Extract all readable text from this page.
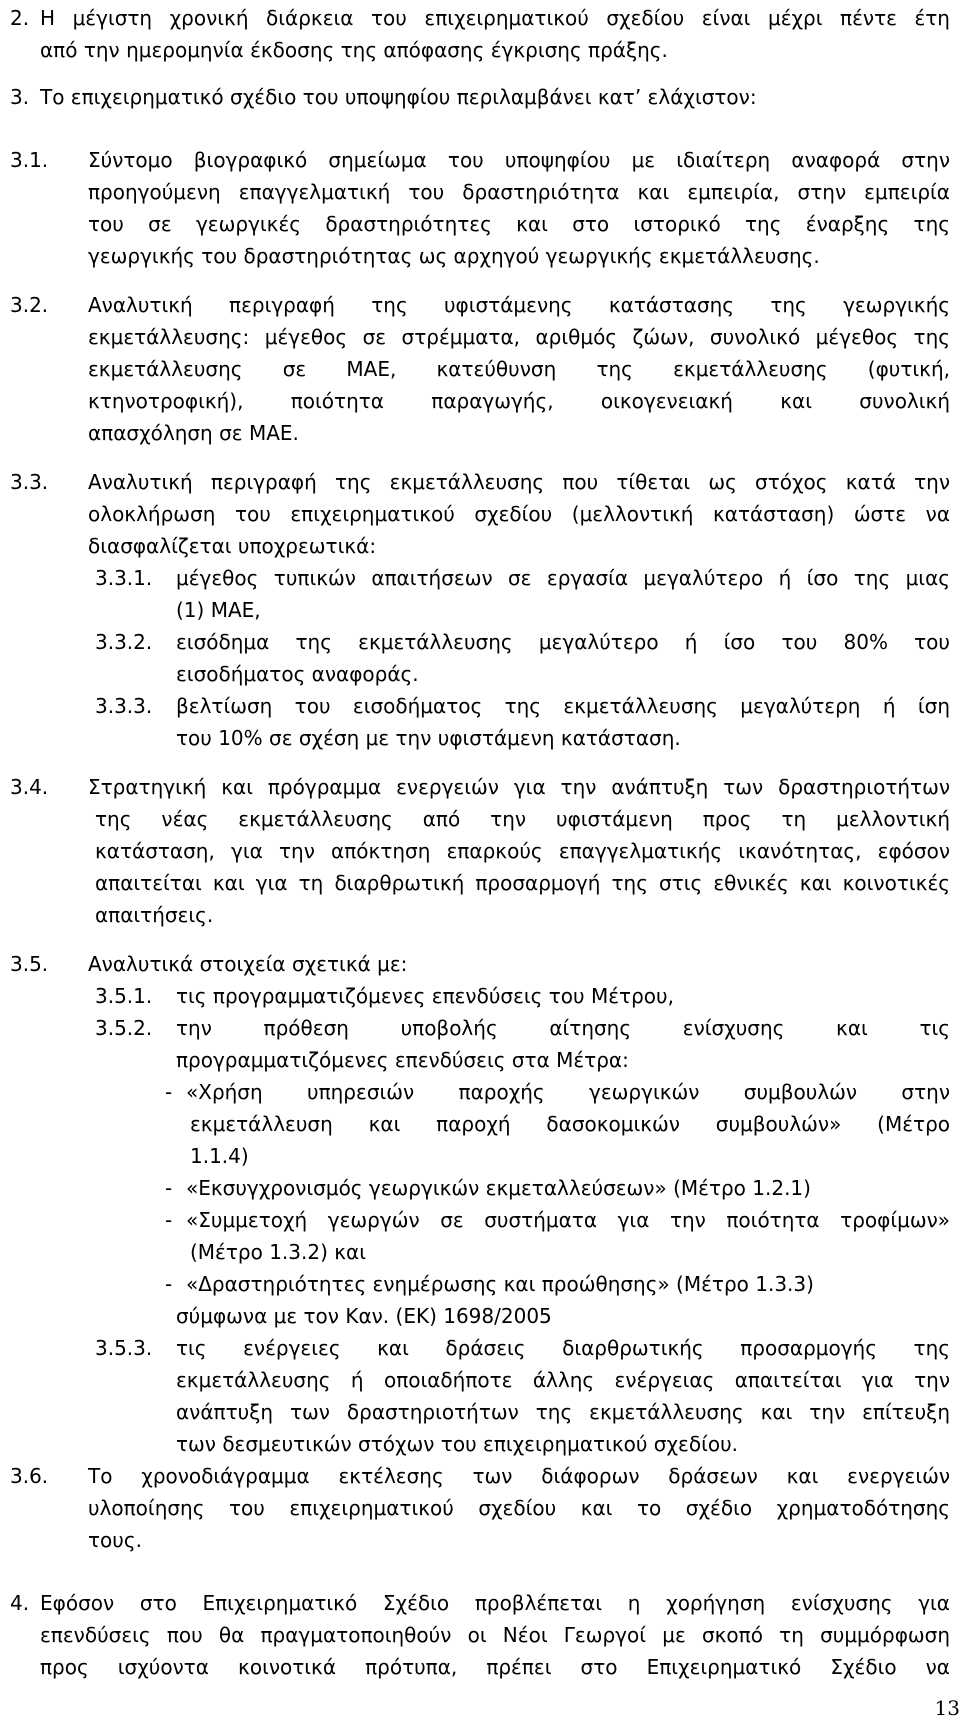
2. Η μέγιστη χρονική διάρκεια του επιχειρηματικού σχεδίου είναι μέχρι πέντε έτη
από την ημερομηνία έκδοσης της απόφασης έγκρισης πράξης.
3. Το επιχειρηματικό σχέδιο του υποψηφίου περιλαμβάνει κατ’ ελάχιστον:
3.1. Σύντομο βιογραφικό σημείωμα του υποψηφίου με ιδιαίτερη αναφορά στην
προηγούμενη επαγγελματική του δραστηριότητα και εμπειρία, στην εμπειρία
του σε γεωργικές δραστηριότητες και στο ιστορικό της έναρξης της
γεωργικής του δραστηριότητας ως αρχηγού γεωργικής εκμετάλλευσης.
3.2. Αναλυτική περιγραφή της υφιστάμενης κατάστασης της γεωργικής
εκμετάλλευσης: μέγεθος σε στρέμματα, αριθμός ζώων, συνολικό μέγεθος της
εκμετάλλευσης σε ΜΑΕ, κατεύθυνση της εκμετάλλευσης (φυτική,
κτηνοτροφική), ποιότητα παραγωγής, οικογενειακή και συνολική
απασχόληση σε ΜΑΕ.
3.3. Αναλυτική περιγραφή της εκμετάλλευσης που τίθεται ως στόχος κατά την
ολοκλήρωση του επιχειρηματικού σχεδίου (μελλοντική κατάσταση) ώστε να
διασφαλίζεται υποχρεωτικά:
3.3.1. μέγεθος τυπικών απαιτήσεων σε εργασία μεγαλύτερο ή ίσο της μιας
(1) ΜΑΕ,
3.3.2. εισόδημα της εκμετάλλευσης μεγαλύτερο ή ίσο του 80% του
εισοδήματος αναφοράς.
3.3.3. βελτίωση του εισοδήματος της εκμετάλλευσης μεγαλύτερη ή ίση
του 10% σε σχέση με την υφιστάμενη κατάσταση.
3.4. Στρατηγική και πρόγραμμα ενεργειών για την ανάπτυξη των δραστηριοτήτων
της νέας εκμετάλλευσης από την υφιστάμενη προς τη μελλοντική
κατάσταση, για την απόκτηση επαρκούς επαγγελματικής ικανότητας, εφόσον
απαιτείται και για τη διαρθρωτική προσαρμογή της στις εθνικές και κοινοτικές
απαιτήσεις.
3.5. Αναλυτικά στοιχεία σχετικά με:
3.5.1. τις προγραμματιζόμενες επενδύσεις του Μέτρου,
3.5.2. την πρόθεση υποβολής αίτησης ενίσχυσης και τις
προγραμματιζόμενες επενδύσεις στα Μέτρα:
- «Χρήση υπηρεσιών παροχής γεωργικών συμβουλών στην
εκμετάλλευση και παροχή δασοκομικών συμβουλών» (Μέτρο
1.1.4)
- «Εκσυγχρονισμός γεωργικών εκμεταλλεύσεων» (Μέτρο 1.2.1)
- «Συμμετοχή γεωργών σε συστήματα για την ποιότητα τροφίμων»
(Μέτρο 1.3.2) και
- «Δραστηριότητες ενημέρωσης και προώθησης» (Μέτρο 1.3.3)
σύμφωνα με τον Καν. (ΕΚ) 1698/2005
3.5.3. τις ενέργειες και δράσεις διαρθρωτικής προσαρμογής της
εκμετάλλευσης ή οποιαδήποτε άλλης ενέργειας απαιτείται για την
ανάπτυξη των δραστηριοτήτων της εκμετάλλευσης και την επίτευξη
των δεσμευτικών στόχων του επιχειρηματικού σχεδίου.
3.6. Το χρονοδιάγραμμα εκτέλεσης των διάφορων δράσεων και ενεργειών
υλοποίησης του επιχειρηματικού σχεδίου και το σχέδιο χρηματοδότησης
τους.
4. Εφόσον στο Επιχειρηματικό Σχέδιο προβλέπεται η χορήγηση ενίσχυσης για
επενδύσεις που θα πραγματοποιηθούν οι Νέοι Γεωργοί με σκοπό τη συμμόρφωση
προς ισχύοντα κοινοτικά πρότυπα, πρέπει στο Επιχειρηματικό Σχέδιο να
13
